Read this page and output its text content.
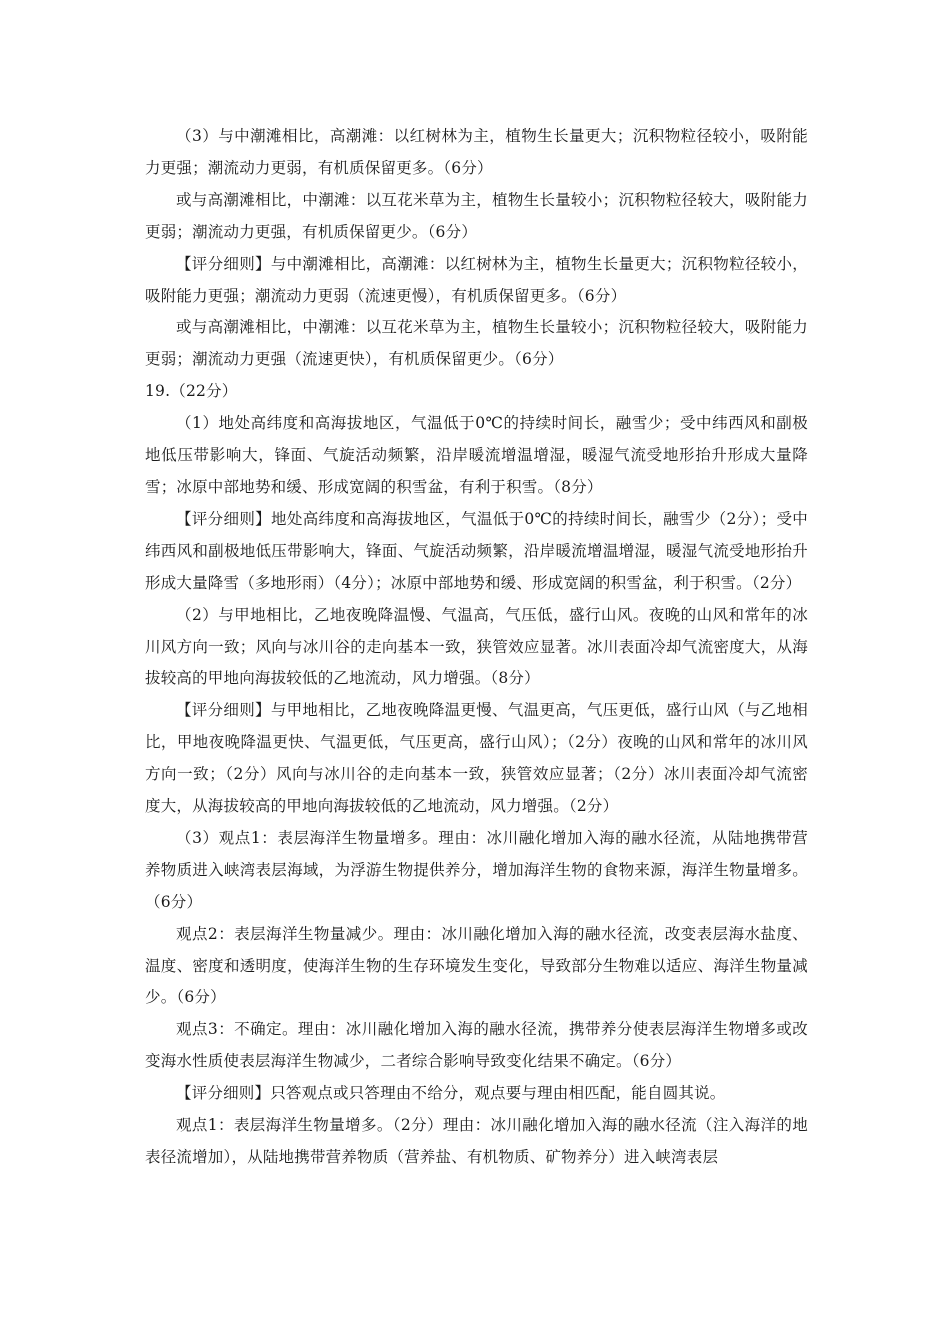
（3）与中潮滩相比，高潮滩：以红树林为主，植物生长量更大；沉积物粒径较小，吸附能力更强；潮流动力更弱，有机质保留更多。（6分）

或与高潮滩相比，中潮滩：以互花米草为主，植物生长量较小；沉积物粒径较大，吸附能力更弱；潮流动力更强，有机质保留更少。（6分）

【评分细则】与中潮滩相比，高潮滩：以红树林为主，植物生长量更大；沉积物粒径较小，吸附能力更强；潮流动力更弱（流速更慢），有机质保留更多。（6分）

或与高潮滩相比，中潮滩：以互花米草为主，植物生长量较小；沉积物粒径较大，吸附能力更弱；潮流动力更强（流速更快），有机质保留更少。（6分）

19.（22分）

（1）地处高纬度和高海拔地区，气温低于0℃的持续时间长，融雪少；受中纬西风和副极地低压带影响大，锋面、气旋活动频繁，沿岸暖流增温增湿，暖湿气流受地形抬升形成大量降雪；冰原中部地势和缓、形成宽阔的积雪盆，有利于积雪。（8分）

【评分细则】地处高纬度和高海拔地区，气温低于0℃的持续时间长，融雪少（2分）；受中纬西风和副极地低压带影响大，锋面、气旋活动频繁，沿岸暖流增温增湿，暖湿气流受地形抬升形成大量降雪（多地形雨）（4分）；冰原中部地势和缓、形成宽阔的积雪盆，利于积雪。（2分）

（2）与甲地相比，乙地夜晚降温慢、气温高，气压低，盛行山风。夜晚的山风和常年的冰川风方向一致；风向与冰川谷的走向基本一致，狭管效应显著。冰川表面冷却气流密度大，从海拔较高的甲地向海拔较低的乙地流动，风力增强。（8分）

【评分细则】与甲地相比，乙地夜晚降温更慢、气温更高，气压更低，盛行山风（与乙地相比，甲地夜晚降温更快、气温更低，气压更高，盛行山风）；（2分）夜晚的山风和常年的冰川风方向一致；（2分）风向与冰川谷的走向基本一致，狭管效应显著；（2分）冰川表面冷却气流密度大，从海拔较高的甲地向海拔较低的乙地流动，风力增强。（2分）

（3）观点1：表层海洋生物量增多。理由：冰川融化增加入海的融水径流，从陆地携带营养物质进入峡湾表层海域，为浮游生物提供养分，增加海洋生物的食物来源，海洋生物量增多。（6分）

观点2：表层海洋生物量减少。理由：冰川融化增加入海的融水径流，改变表层海水盐度、温度、密度和透明度，使海洋生物的生存环境发生变化，导致部分生物难以适应、海洋生物量减少。（6分）

观点3：不确定。理由：冰川融化增加入海的融水径流，携带养分使表层海洋生物增多或改变海水性质使表层海洋生物减少，二者综合影响导致变化结果不确定。（6分）

【评分细则】只答观点或只答理由不给分，观点要与理由相匹配，能自圆其说。

观点1：表层海洋生物量增多。（2分）理由：冰川融化增加入海的融水径流（注入海洋的地表径流增加），从陆地携带营养物质（营养盐、有机物质、矿物养分）进入峡湾表层
